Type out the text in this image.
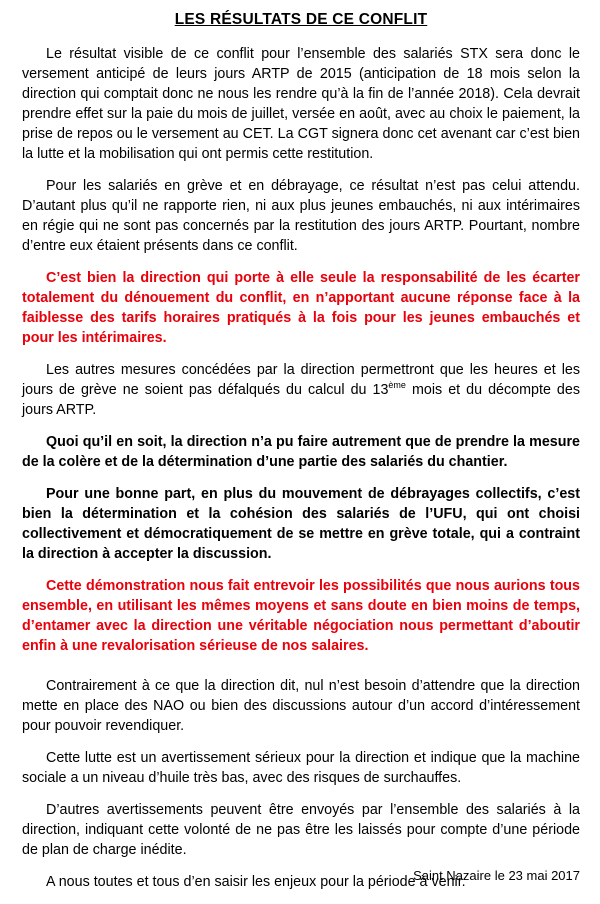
LES RÉSULTATS DE CE CONFLIT

Le résultat visible de ce conflit pour l’ensemble des salariés STX sera donc le versement anticipé de leurs jours ARTP de 2015 (anticipation de 18 mois selon la direction qui comptait donc ne nous les rendre qu’à la fin de l’année 2018). Cela devrait prendre effet sur la paie du mois de juillet, versée en août, avec au choix le paiement, la prise de repos ou le versement au CET. La CGT signera donc cet avenant car c’est bien la lutte et la mobilisation qui ont permis cette restitution.

Pour les salariés en grève et en débrayage, ce résultat n’est pas celui attendu. D’autant plus qu’il ne rapporte rien, ni aux plus jeunes embauchés, ni aux intérimaires en régie qui ne sont pas concernés par la restitution des jours ARTP. Pourtant, nombre d’entre eux étaient présents dans ce conflit.

C’est bien la direction qui porte à elle seule la responsabilité de les écarter totalement du dénouement du conflit, en n’apportant aucune réponse face à la faiblesse des tarifs horaires pratiqués à la fois pour les jeunes embauchés et pour les intérimaires.

Les autres mesures concédées par la direction permettront que les heures et les jours de grève ne soient pas défalqués du calcul du 13ème mois et du décompte des jours ARTP.

Quoi qu’il en soit, la direction n’a pu faire autrement que de prendre la mesure de la colère et de la détermination d’une partie des salariés du chantier.

Pour une bonne part, en plus du mouvement de débrayages collectifs, c’est bien la détermination et la cohésion des salariés de l’UFU, qui ont choisi collectivement et démocratiquement de se mettre en grève totale, qui a contraint la direction à accepter la discussion.

Cette démonstration nous fait entrevoir les possibilités que nous aurions tous ensemble, en utilisant les mêmes moyens et sans doute en bien moins de temps, d’entamer avec la direction une véritable négociation nous permettant d’aboutir enfin à une revalorisation sérieuse de nos salaires.

Contrairement à ce que la direction dit, nul n’est besoin d’attendre que la direction mette en place des NAO ou bien des discussions autour d’un accord d’intéressement pour pouvoir revendiquer.

Cette lutte est un avertissement sérieux pour la direction et indique que la machine sociale a un niveau d’huile très bas, avec des risques de surchauffes.

D’autres avertissements peuvent être envoyés par l’ensemble des salariés à la direction, indiquant cette volonté de ne pas être les laissés pour compte d’une période de plan de charge inédite.

A nous toutes et tous d’en saisir les enjeux pour la période à venir.

Saint Nazaire le 23 mai 2017
